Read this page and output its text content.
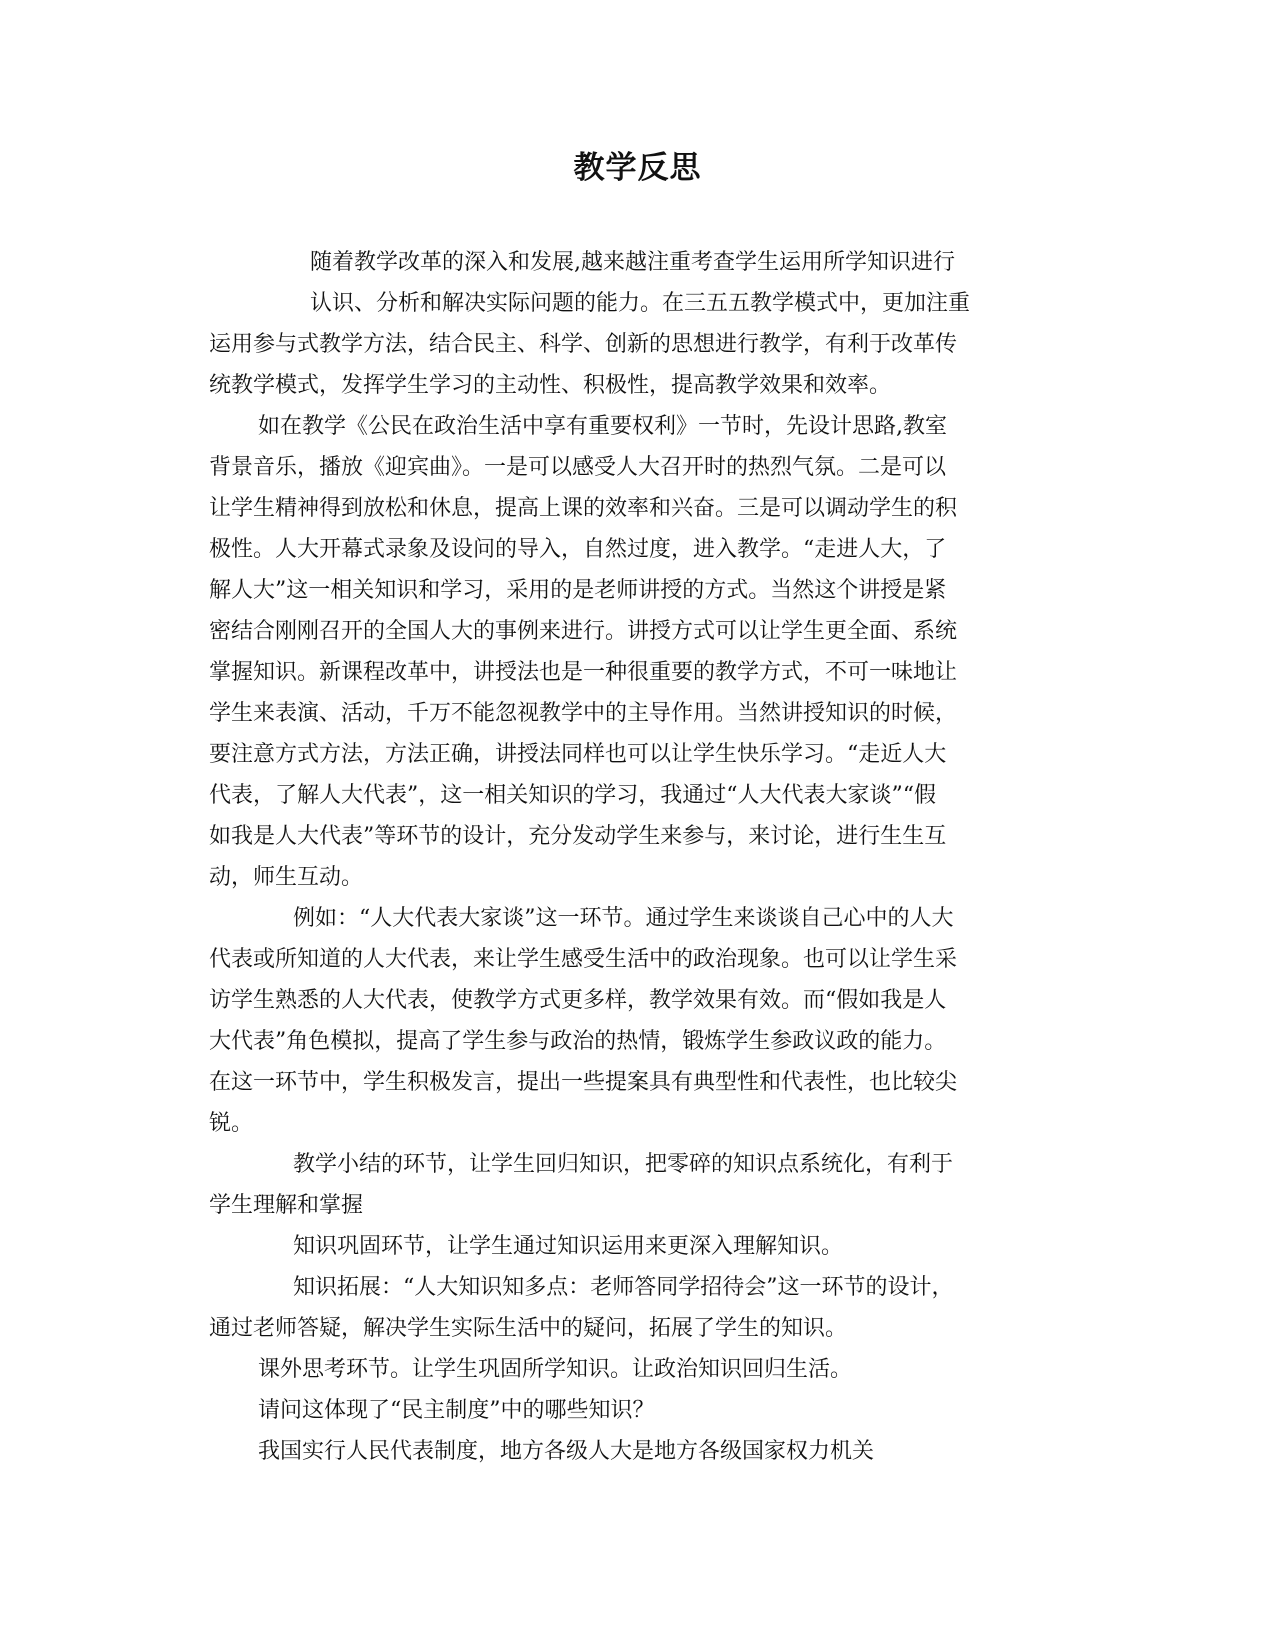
教学反思
随着教学改革的深入和发展,越来越注重考查学生运用所学知识进行
认识、分析和解决实际问题的能力。在三五五教学模式中，更加注重
运用参与式教学方法，结合民主、科学、创新的思想进行教学，有利于改革传
统教学模式，发挥学生学习的主动性、积极性，提高教学效果和效率。
如在教学《公民在政治生活中享有重要权利》一节时，先设计思路,教室
背景音乐，播放《迎宾曲》。一是可以感受人大召开时的热烈气氛。二是可以
让学生精神得到放松和休息，提高上课的效率和兴奋。三是可以调动学生的积
极性。人大开幕式录象及设问的导入，自然过度，进入教学。“走进人大，了
解人大”这一相关知识和学习，采用的是老师讲授的方式。当然这个讲授是紧
密结合刚刚召开的全国人大的事例来进行。讲授方式可以让学生更全面、系统
掌握知识。新课程改革中，讲授法也是一种很重要的教学方式，不可一味地让
学生来表演、活动，千万不能忽视教学中的主导作用。当然讲授知识的时候，
要注意方式方法，方法正确，讲授法同样也可以让学生快乐学习。“走近人大
代表，了解人大代表”，这一相关知识的学习，我通过“人大代表大家谈”“假
如我是人大代表”等环节的设计，充分发动学生来参与，来讨论，进行生生互
动，师生互动。
例如：“人大代表大家谈”这一环节。通过学生来谈谈自己心中的人大
代表或所知道的人大代表，来让学生感受生活中的政治现象。也可以让学生采
访学生熟悉的人大代表，使教学方式更多样，教学效果有效。而“假如我是人
大代表”角色模拟，提高了学生参与政治的热情，锻炼学生参政议政的能力。
在这一环节中，学生积极发言，提出一些提案具有典型性和代表性，也比较尖
锐。
教学小结的环节，让学生回归知识，把零碎的知识点系统化，有利于
学生理解和掌握
知识巩固环节，让学生通过知识运用来更深入理解知识。
知识拓展：“人大知识知多点：老师答同学招待会”这一环节的设计，
通过老师答疑，解决学生实际生活中的疑问，拓展了学生的知识。
课外思考环节。让学生巩固所学知识。让政治知识回归生活。
请问这体现了“民主制度”中的哪些知识？
我国实行人民代表制度，地方各级人大是地方各级国家权力机关
